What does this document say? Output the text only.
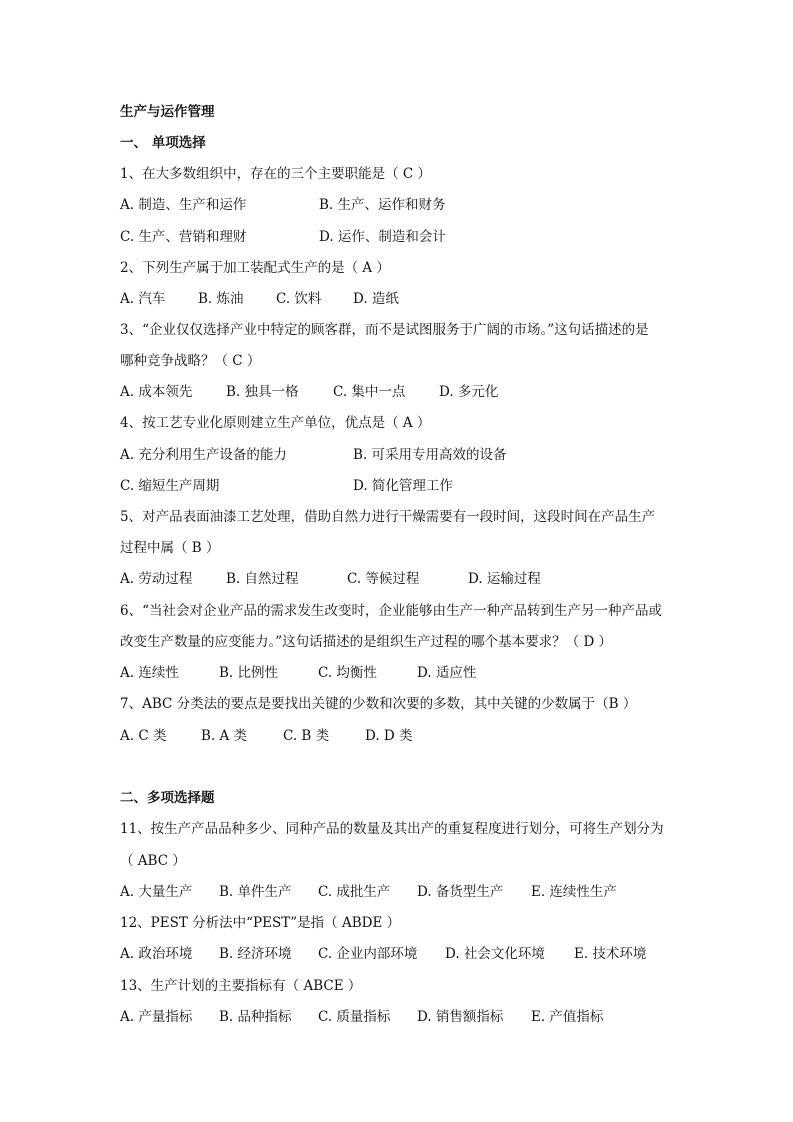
生产与运作管理
一、 单项选择
1、在大多数组织中，存在的三个主要职能是（ C ）
A. 制造、生产和运作	B. 生产、运作和财务
C. 生产、营销和理财	D. 运作、制造和会计
2、下列生产属于加工装配式生产的是（ A ）
A. 汽车 B. 炼油 C. 饮料 D. 造纸
3、“企业仅仅选择产业中特定的顾客群，而不是试图服务于广阔的市场。”这句话描述的是
哪种竞争战略？（ C ）
A. 成本领先 B. 独具一格	C. 集中一点 D. 多元化
4、按工艺专业化原则建立生产单位，优点是（ A ）
A. 充分利用生产设备的能力	B. 可采用专用高效的设备
C. 缩短生产周期	D. 简化管理工作
5、对产品表面油漆工艺处理，借助自然力进行干燥需要有一段时间，这段时间在产品生产
过程中属（ B ）
A. 劳动过程 B. 自然过程	C. 等候过程	D. 运输过程
6、“当社会对企业产品的需求发生改变时，企业能够由生产一种产品转到生产另一种产品或
改变生产数量的应变能力。”这句话描述的是组织生产过程的哪个基本要求？（ D ）
A. 连续性	B. 比例性	C. 均衡性	D. 适应性
7、ABC 分类法的要点是要找出关键的少数和次要的多数，其中关键的少数属于（B ）
A. C 类	B. A 类	C. B 类	D. D 类
二、多项选择题
11、按生产产品品种多少、同种产品的数量及其出产的重复程度进行划分，可将生产划分为
（ ABC ）
A. 大量生产 B. 单件生产 C. 成批生产 D. 备货型生产 E. 连续性生产
12、PEST 分析法中“PEST”是指（ ABDE ）
A. 政治环境 B. 经济环境 C. 企业内部环境 D. 社会文化环境 E. 技术环境
13、生产计划的主要指标有（ ABCE ）
A. 产量指标 B. 品种指标 C. 质量指标 D. 销售额指标 E. 产值指标
